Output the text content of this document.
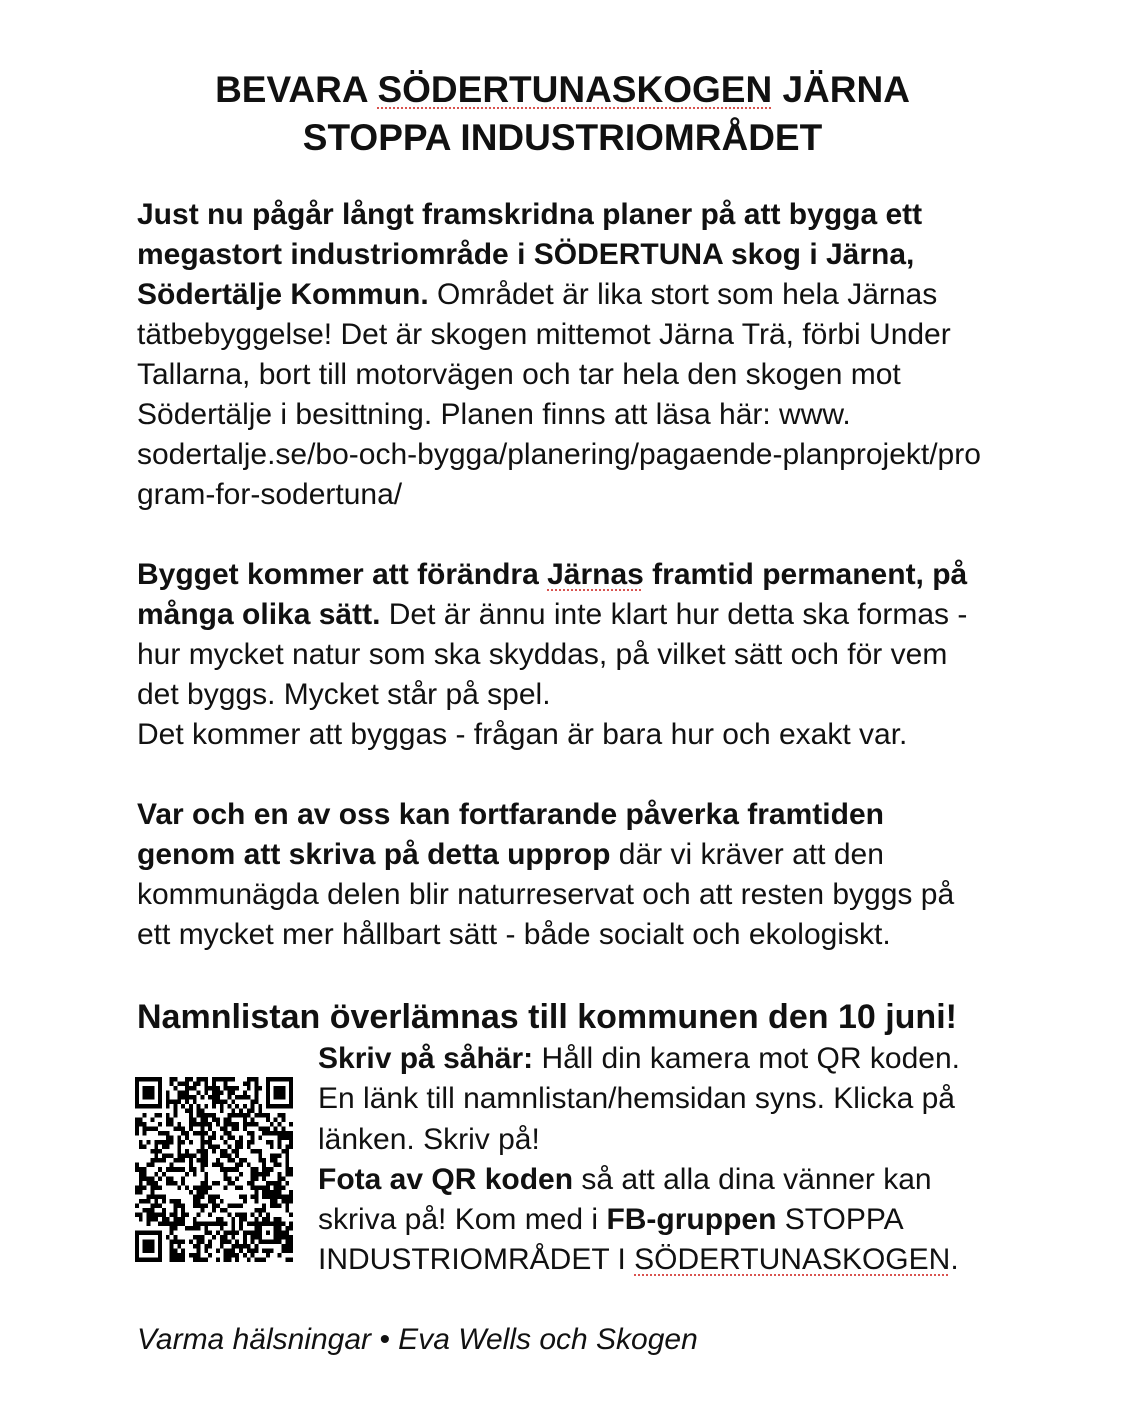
BEVARA SÖDERTUNASKOGEN JÄRNA
STOPPA INDUSTRIOMRÅDET
Just nu pågår långt framskridna planer på att bygga ett
megastort industriområde i SÖDERTUNA skog i Järna,
Södertälje Kommun. Området är lika stort som hela Järnas
tätbebyggelse! Det är skogen mittemot Järna Trä, förbi Under
Tallarna, bort till motorvägen och tar hela den skogen mot
Södertälje i besittning. Planen finns att läsa här: www.
sodertalje.se/bo-och-bygga/planering/pagaende-planprojekt/pro
gram-for-sodertuna/
Bygget kommer att förändra Järnas framtid permanent, på
många olika sätt. Det är ännu inte klart hur detta ska formas -
hur mycket natur som ska skyddas, på vilket sätt och för vem
det byggs. Mycket står på spel.
Det kommer att byggas - frågan är bara hur och exakt var.
Var och en av oss kan fortfarande påverka framtiden
genom att skriva på detta upprop där vi kräver att den
kommunägda delen blir naturreservat och att resten byggs på
ett mycket mer hållbart sätt - både socialt och ekologiskt.
Namnlistan överlämnas till kommunen den 10 juni!
Skriv på såhär: Håll din kamera mot QR koden.
En länk till namnlistan/hemsidan syns. Klicka på
länken. Skriv på!
Fota av QR koden så att alla dina vänner kan
skriva på! Kom med i FB-gruppen STOPPA
INDUSTRIOMRÅDET I SÖDERTUNASKOGEN.
Varma hälsningar • Eva Wells och Skogen
